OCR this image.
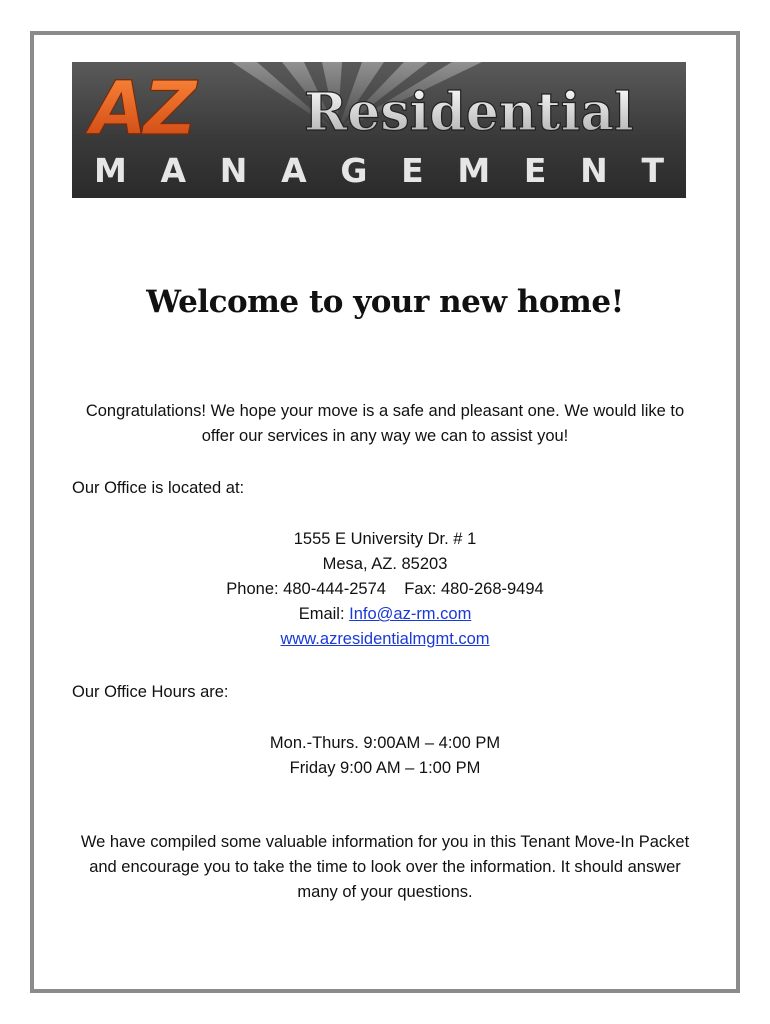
AZ Residential
MANAGEMENT
Welcome to your new home!
Congratulations! We hope your move is a safe and pleasant one. We would like to offer our services in any way we can to assist you!
Our Office is located at:
1555 E University Dr. # 1
Mesa, AZ. 85203
Phone: 480-444-2574    Fax: 480-268-9494
Email: Info@az-rm.com
www.azresidentialmgmt.com
Our Office Hours are:
Mon.-Thurs. 9:00AM – 4:00 PM
Friday 9:00 AM – 1:00 PM
We have compiled some valuable information for you in this Tenant Move-In Packet and encourage you to take the time to look over the information. It should answer many of your questions.
